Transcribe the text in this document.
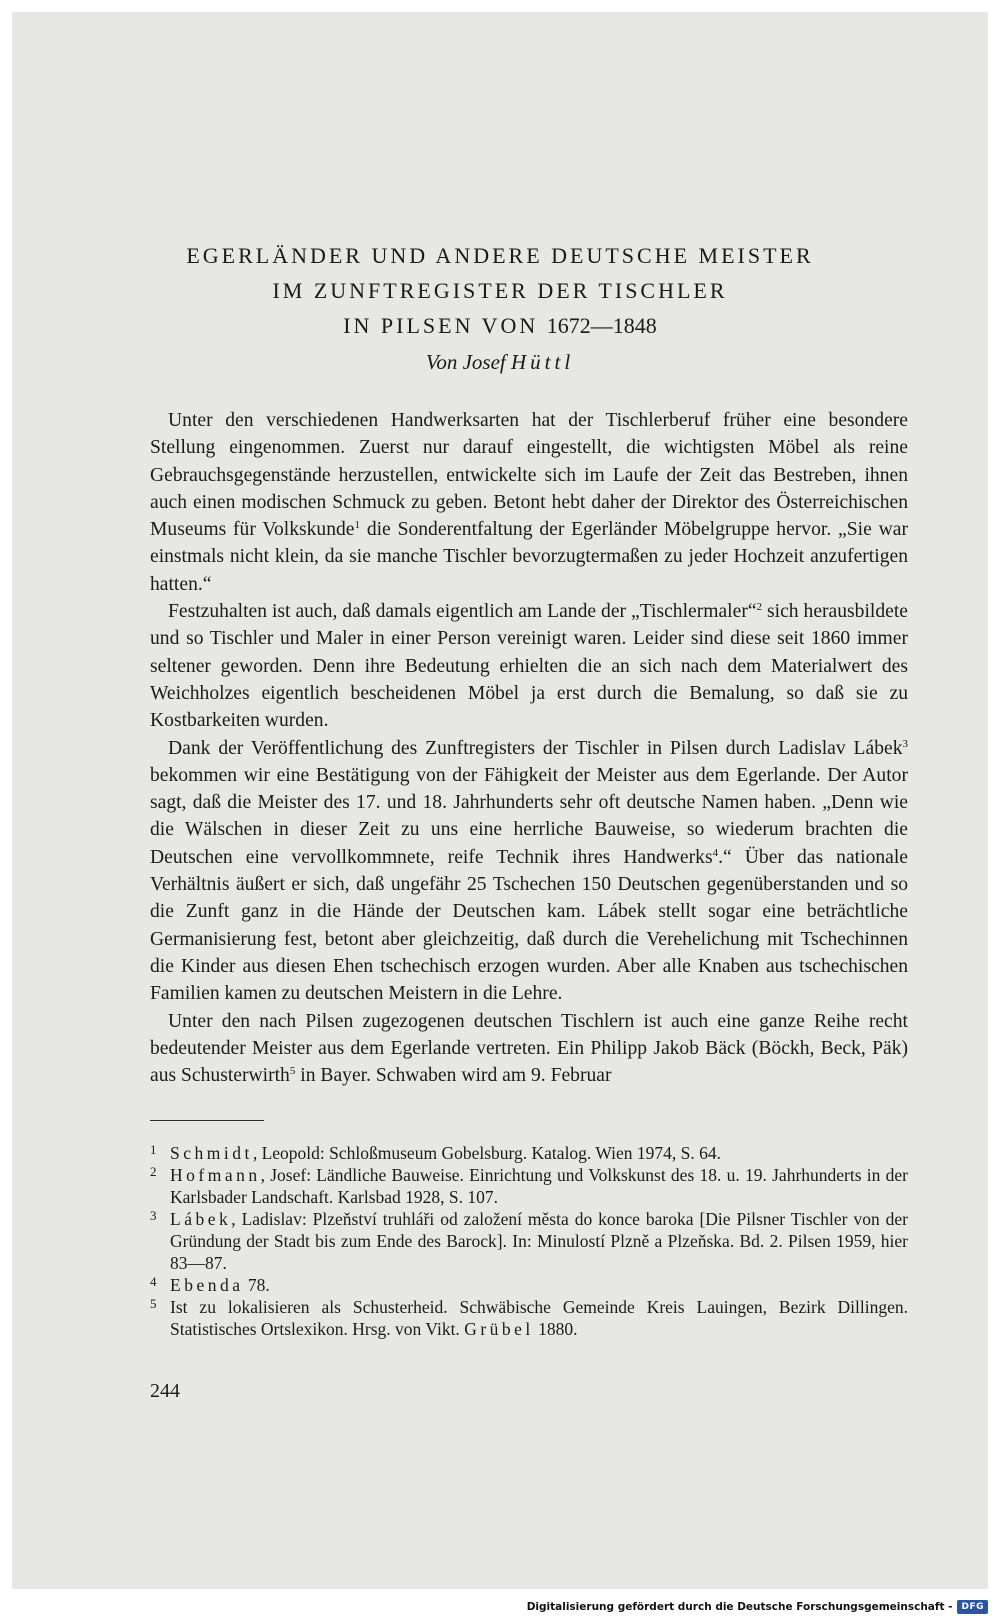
EGERLÄNDER UND ANDERE DEUTSCHE MEISTER

IM ZUNFTREGISTER DER TISCHLER

IN PILSEN VON 1672—1848

Von Josef Hüttl

Unter den verschiedenen Handwerksarten hat der Tischlerberuf früher eine besondere Stellung eingenommen. Zuerst nur darauf eingestellt, die wichtigsten Möbel als reine Gebrauchsgegenstände herzustellen, entwickelte sich im Laufe der Zeit das Bestreben, ihnen auch einen modischen Schmuck zu geben. Betont hebt daher der Direktor des Österreichischen Museums für Volkskunde$^1$ die Sonderentfaltung der Egerländer Möbelgruppe hervor. „Sie war einstmals nicht klein, da sie manche Tischler bevorzugtermaßen zu jeder Hochzeit anzufertigen hatten.“

Festzuhalten ist auch, daß damals eigentlich am Lande der „Tischlermaler“$^2$ sich herausbildete und so Tischler und Maler in einer Person vereinigt waren. Leider sind diese seit 1860 immer seltener geworden. Denn ihre Bedeutung erhielten die an sich nach dem Materialwert des Weichholzes eigentlich bescheidenen Möbel ja erst durch die Bemalung, so daß sie zu Kostbarkeiten wurden.

Dank der Veröffentlichung des Zunftregisters der Tischler in Pilsen durch Ladislav Lábek$^3$ bekommen wir eine Bestätigung von der Fähigkeit der Meister aus dem Egerlande. Der Autor sagt, daß die Meister des 17. und 18. Jahrhunderts sehr oft deutsche Namen haben. „Denn wie die Wälschen in dieser Zeit zu uns eine herrliche Bauweise, so wiederum brachten die Deutschen eine vervollkommnete, reife Technik ihres Handwerks$^4$.“ Über das nationale Verhältnis äußert er sich, daß ungefähr 25 Tschechen 150 Deutschen gegenüberstanden und so die Zunft ganz in die Hände der Deutschen kam. Lábek stellt sogar eine beträchtliche Germanisierung fest, betont aber gleichzeitig, daß durch die Verehelichung mit Tschechinnen die Kinder aus diesen Ehen tschechisch erzogen wurden. Aber alle Knaben aus tschechischen Familien kamen zu deutschen Meistern in die Lehre.

Unter den nach Pilsen zugezogenen deutschen Tischlern ist auch eine ganze Reihe recht bedeutender Meister aus dem Egerlande vertreten. Ein Philipp Jakob Bäck (Böckh, Beck, Päk) aus Schusterwirth$^5$ in Bayer. Schwaben wird am 9. Februar

1 Schmidt, Leopold: Schloßmuseum Gobelsburg. Katalog. Wien 1974, S. 64.
2 Hofmann, Josef: Ländliche Bauweise. Einrichtung und Volkskunst des 18. u. 19. Jahrhunderts in der Karlsbader Landschaft. Karlsbad 1928, S. 107.
3 Lábek, Ladislav: Plzeňství truhláři od založení města do konce baroka [Die Pilsner Tischler von der Gründung der Stadt bis zum Ende des Barock]. In: Minulostí Plzně a Plzeňska. Bd. 2. Pilsen 1959, hier 83—87.
4 Ebenda 78.
5 Ist zu lokalisieren als Schusterheid. Schwäbische Gemeinde Kreis Lauingen, Bezirk Dillingen. Statistisches Ortslexikon. Hrsg. von Vikt. Grübel 1880.
244
Digitalisierung gefördert durch die Deutsche Forschungsgemeinschaft -	DFG
